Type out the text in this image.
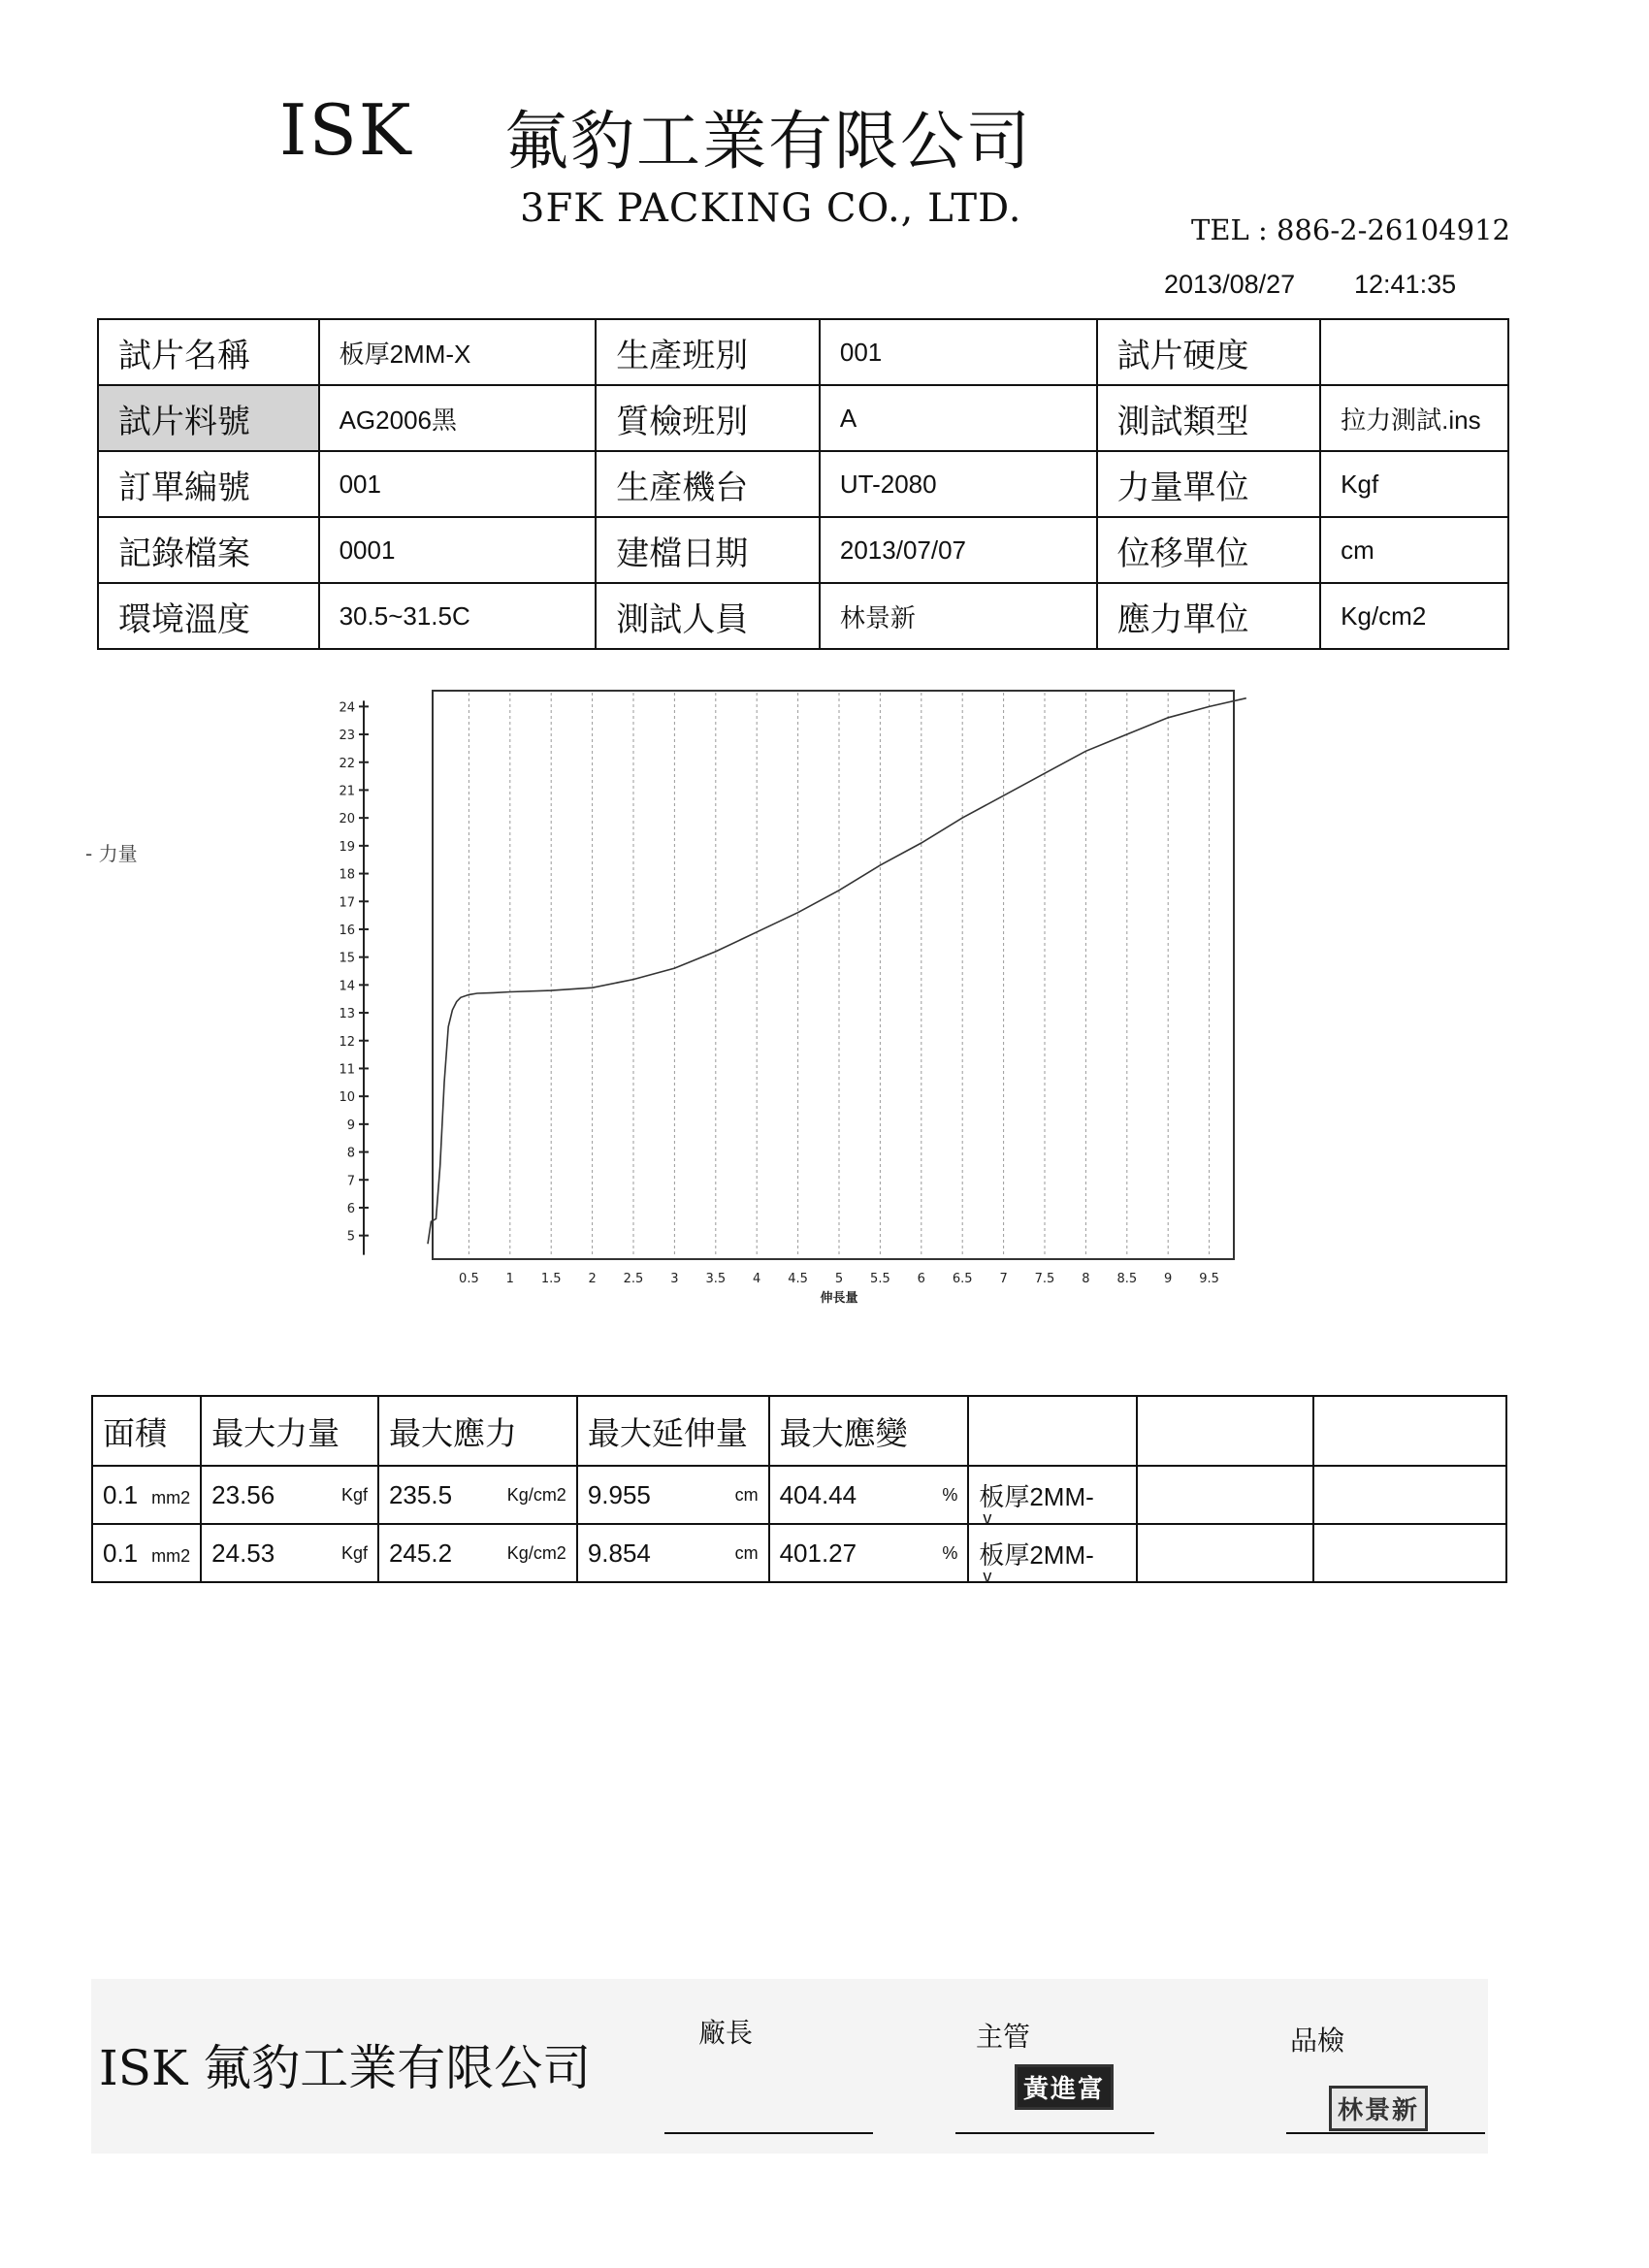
ISK 氟豹工業有限公司
3FK PACKING CO., LTD.	TEL : 886-2-26104912
2013/08/27 12:41:35
試片名稱	板厚2MM-X	生產班別	001	試片硬度	
試片料號	AG2006黑	質檢班別	A	測試類型	拉力測試.ins
訂單編號	001	生產機台	UT-2080	力量單位	Kgf
記錄檔案	0001	建檔日期	2013/07/07	位移單位	cm
環境溫度	30.5~31.5C	測試人員	林景新	應力單位	Kg/cm2
- 力量
5
6
7
8
9
10
11
12
13
14
15
16
17
18
19
20
21
22
23
24
0.5 1 1.5 2 2.5 3 3.5 4 4.5 5 5.5 6 6.5 7 7.5 8 8.5 9 9.5
伸長量
面積	最大力量	最大應力	最大延伸量	最大應變			

0.1 mm2	23.56 Kgf	235.5 Kg/cm2	9.955 cm	404.44 %	板厚2MM-
v		

0.1 mm2	24.53 Kgf	245.2 Kg/cm2	9.854 cm	401.27 %	板厚2MM-
v		

ISK 氟豹工業有限公司
廠長	主管	品檢
黃進富
林景新
